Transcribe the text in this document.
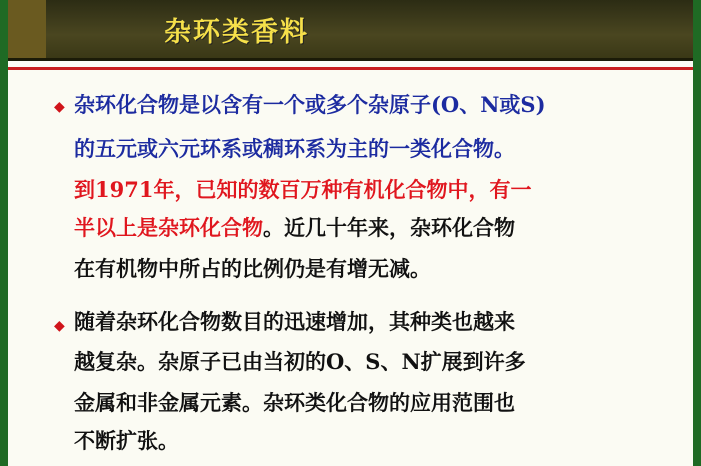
杂环类香料
◆ 杂环化合物是以含有一个或多个杂原子(O、N或S)
的五元或六元环系或稠环系为主的一类化合物。
到1971年，已知的数百万种有机化合物中，有一
半以上是杂环化合物。近几十年来，杂环化合物
在有机物中所占的比例仍是有增无减。
◆ 随着杂环化合物数目的迅速增加，其种类也越来
越复杂。杂原子已由当初的O、S、N扩展到许多
金属和非金属元素。杂环类化合物的应用范围也
不断扩张。
